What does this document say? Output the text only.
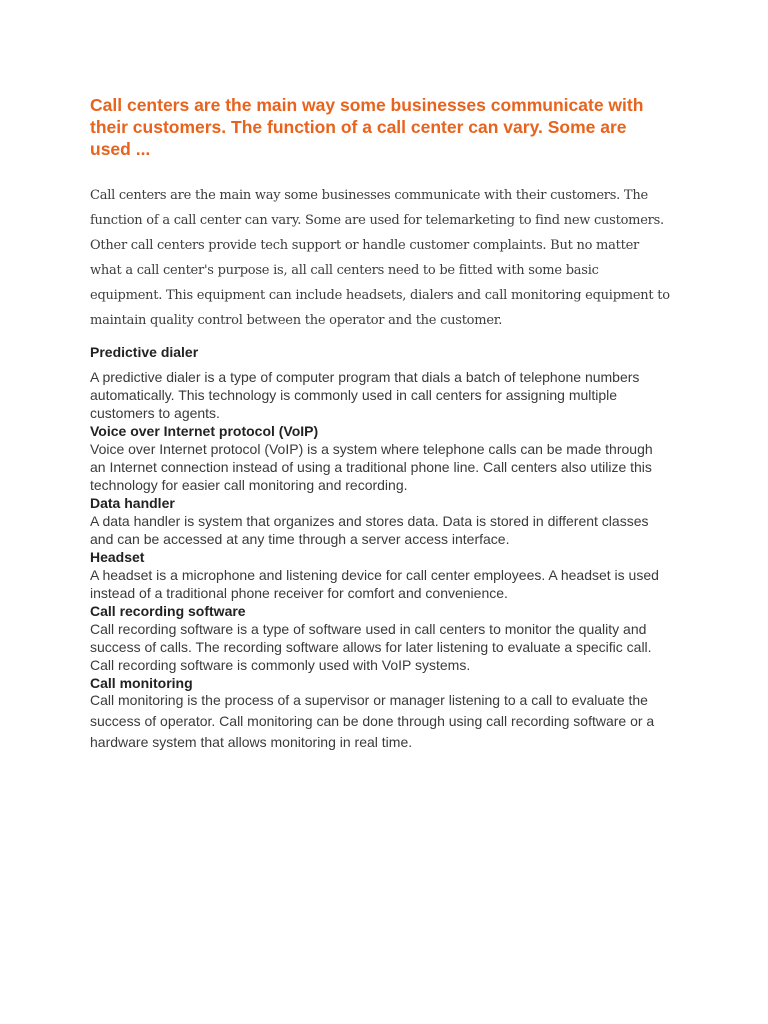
Call centers are the main way some businesses communicate with their customers. The function of a call center can vary. Some are used ...

Call centers are the main way some businesses communicate with their customers. The function of a call center can vary. Some are used for telemarketing to find new customers. Other call centers provide tech support or handle customer complaints. But no matter what a call center's purpose is, all call centers need to be fitted with some basic equipment. This equipment can include headsets, dialers and call monitoring equipment to maintain quality control between the operator and the customer.

Predictive dialer

A predictive dialer is a type of computer program that dials a batch of telephone numbers automatically. This technology is commonly used in call centers for assigning multiple customers to agents.

Voice over Internet protocol (VoIP)

Voice over Internet protocol (VoIP) is a system where telephone calls can be made through an Internet connection instead of using a traditional phone line. Call centers also utilize this technology for easier call monitoring and recording.

Data handler

A data handler is system that organizes and stores data. Data is stored in different classes and can be accessed at any time through a server access interface.

Headset

A headset is a microphone and listening device for call center employees. A headset is used instead of a traditional phone receiver for comfort and convenience.

Call recording software

Call recording software is a type of software used in call centers to monitor the quality and success of calls. The recording software allows for later listening to evaluate a specific call. Call recording software is commonly used with VoIP systems.

Call monitoring

Call monitoring is the process of a supervisor or manager listening to a call to evaluate the success of operator. Call monitoring can be done through using call recording software or a hardware system that allows monitoring in real time.
